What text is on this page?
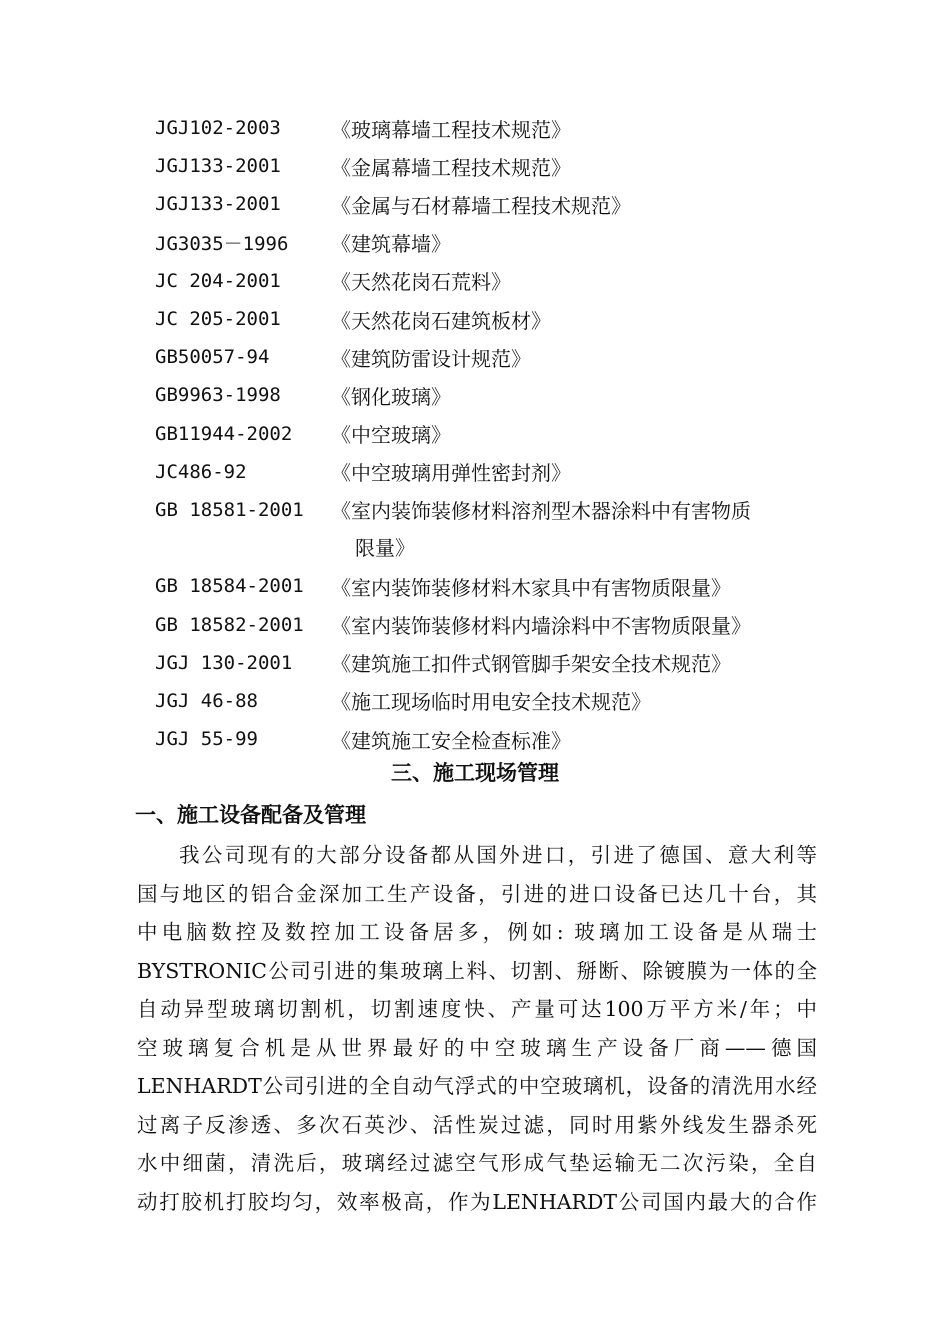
JGJ102-2003	《玻璃幕墙工程技术规范》
JGJ133-2001	《金属幕墙工程技术规范》
JGJ133-2001	《金属与石材幕墙工程技术规范》
JG3035－1996	《建筑幕墙》
JC 204-2001	《天然花岗石荒料》
JC 205-2001	《天然花岗石建筑板材》
GB50057-94	《建筑防雷设计规范》
GB9963-1998	《钢化玻璃》
GB11944-2002	《中空玻璃》
JC486-92	《中空玻璃用弹性密封剂》
GB 18581-2001	《室内装饰装修材料溶剂型木器涂料中有害物质
限量》
GB 18584-2001	《室内装饰装修材料木家具中有害物质限量》
GB 18582-2001	《室内装饰装修材料内墙涂料中不害物质限量》
JGJ 130-2001	《建筑施工扣件式钢管脚手架安全技术规范》
JGJ 46-88	《施工现场临时用电安全技术规范》
JGJ 55-99	《建筑施工安全检查标准》
三、施工现场管理
一、施工设备配备及管理
我公司现有的大部分设备都从国外进口，引进了德国、意大利等
国与地区的铝合金深加工生产设备，引进的进口设备已达几十台，其
中电脑数控及数控加工设备居多，例如: 玻璃加工设备是从瑞士
BYSTRONIC公司引进的集玻璃上料、切割、掰断、除镀膜为一体的全
自动异型玻璃切割机，切割速度快、产量可达100万平方米/年；中
空玻璃复合机是从世界最好的中空玻璃生产设备厂商——德国
LENHARDT公司引进的全自动气浮式的中空玻璃机，设备的清洗用水经
过离子反渗透、多次石英沙、活性炭过滤，同时用紫外线发生器杀死
水中细菌，清洗后，玻璃经过滤空气形成气垫运输无二次污染，全自
动打胶机打胶均匀，效率极高，作为LENHARDT公司国内最大的合作
